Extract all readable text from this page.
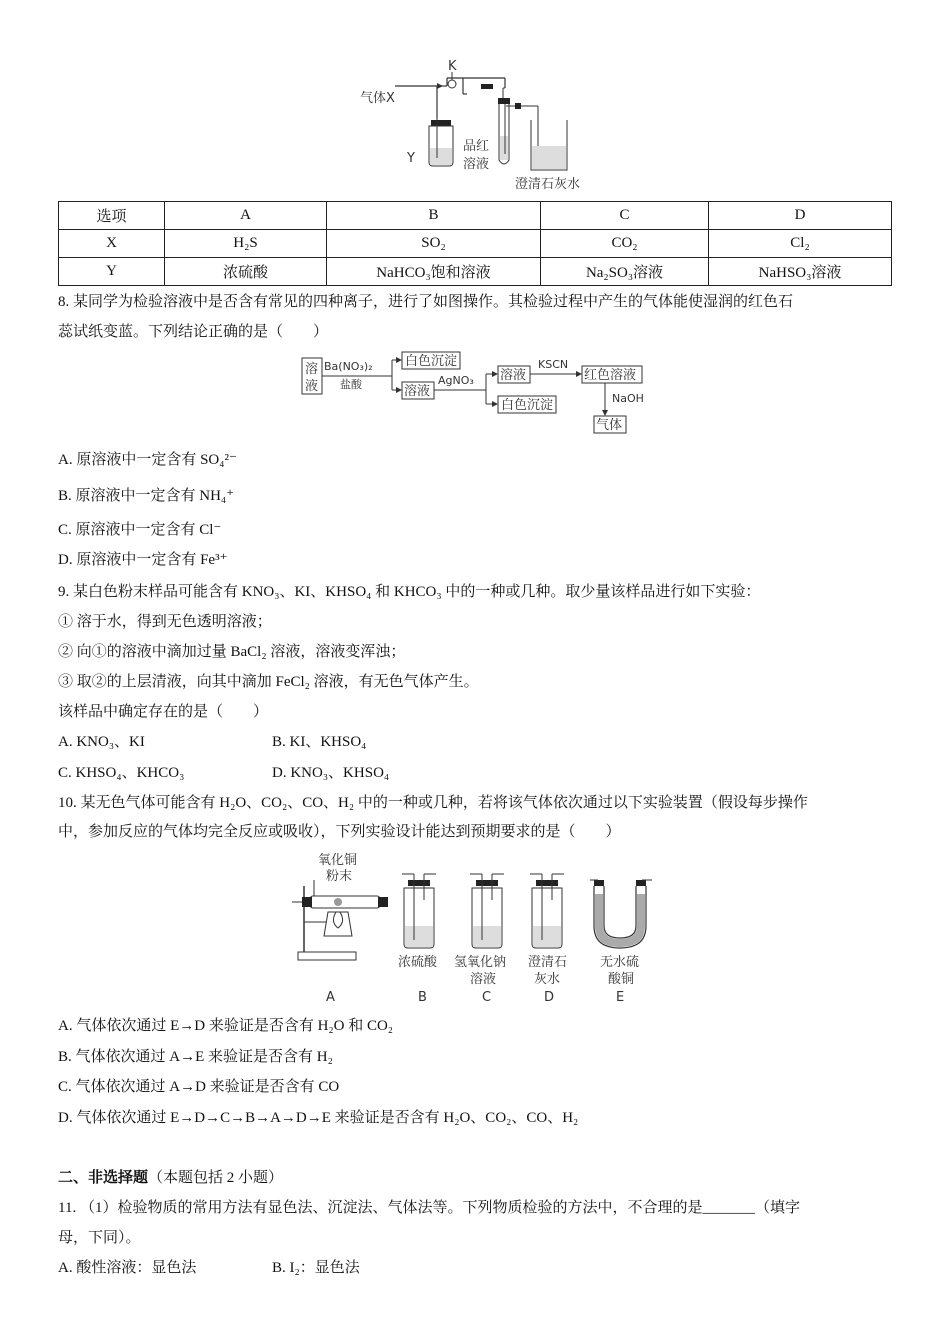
气体X
K
Y
品红
溶液
澄清石灰水
选项	A	B	C	D
X	H₂S	SO₂	CO₂	Cl₂
Y	浓硫酸	NaHCO₃饱和溶液	Na₂SO₃溶液	NaHSO₃溶液
8. 某同学为检验溶液中是否含有常见的四种离子，进行了如图操作。其检验过程中产生的气体能使湿润的红色石
蕊试纸变蓝。下列结论正确的是（　　）
溶
液
Ba(NO₃)₂
盐酸
白色沉淀
溶液
AgNO₃ 溶液
KSCN
红色溶液
白色沉淀	NaOH
气体
A. 原溶液中一定含有 SO₄²⁻
B. 原溶液中一定含有 NH₄⁺
C. 原溶液中一定含有 Cl⁻
D. 原溶液中一定含有 Fe³⁺
9. 某白色粉末样品可能含有 KNO₃、KI、KHSO₄ 和 KHCO₃ 中的一种或几种。取少量该样品进行如下实验：
① 溶于水，得到无色透明溶液；
② 向①的溶液中滴加过量 BaCl₂ 溶液，溶液变浑浊；
③ 取②的上层清液，向其中滴加 FeCl₂ 溶液，有无色气体产生。
该样品中确定存在的是（　　）
A. KNO₃、KI	B. KI、KHSO₄
C. KHSO₄、KHCO₃	D. KNO₃、KHSO₄
10. 某无色气体可能含有 H₂O、CO₂、CO、H₂ 中的一种或几种，若将该气体依次通过以下实验装置（假设每步操作
中，参加反应的气体均完全反应或吸收），下列实验设计能达到预期要求的是（　　）
氧化铜
粉末
浓硫酸 氢氧化钠
溶液
澄清石
灰水
无水硫
酸铜
A	B	C	D	E
A. 气体依次通过 E→D 来验证是否含有 H₂O 和 CO₂
B. 气体依次通过 A→E 来验证是否含有 H₂
C. 气体依次通过 A→D 来验证是否含有 CO
D. 气体依次通过 E→D→C→B→A→D→E 来验证是否含有 H₂O、CO₂、CO、H₂
二、非选择题（本题包括 2 小题）
11. （1）检验物质的常用方法有显色法、沉淀法、气体法等。下列物质检验的方法中，不合理的是_______（填字
母，下同）。
A. 酸性溶液：显色法	B. I₂：显色法
